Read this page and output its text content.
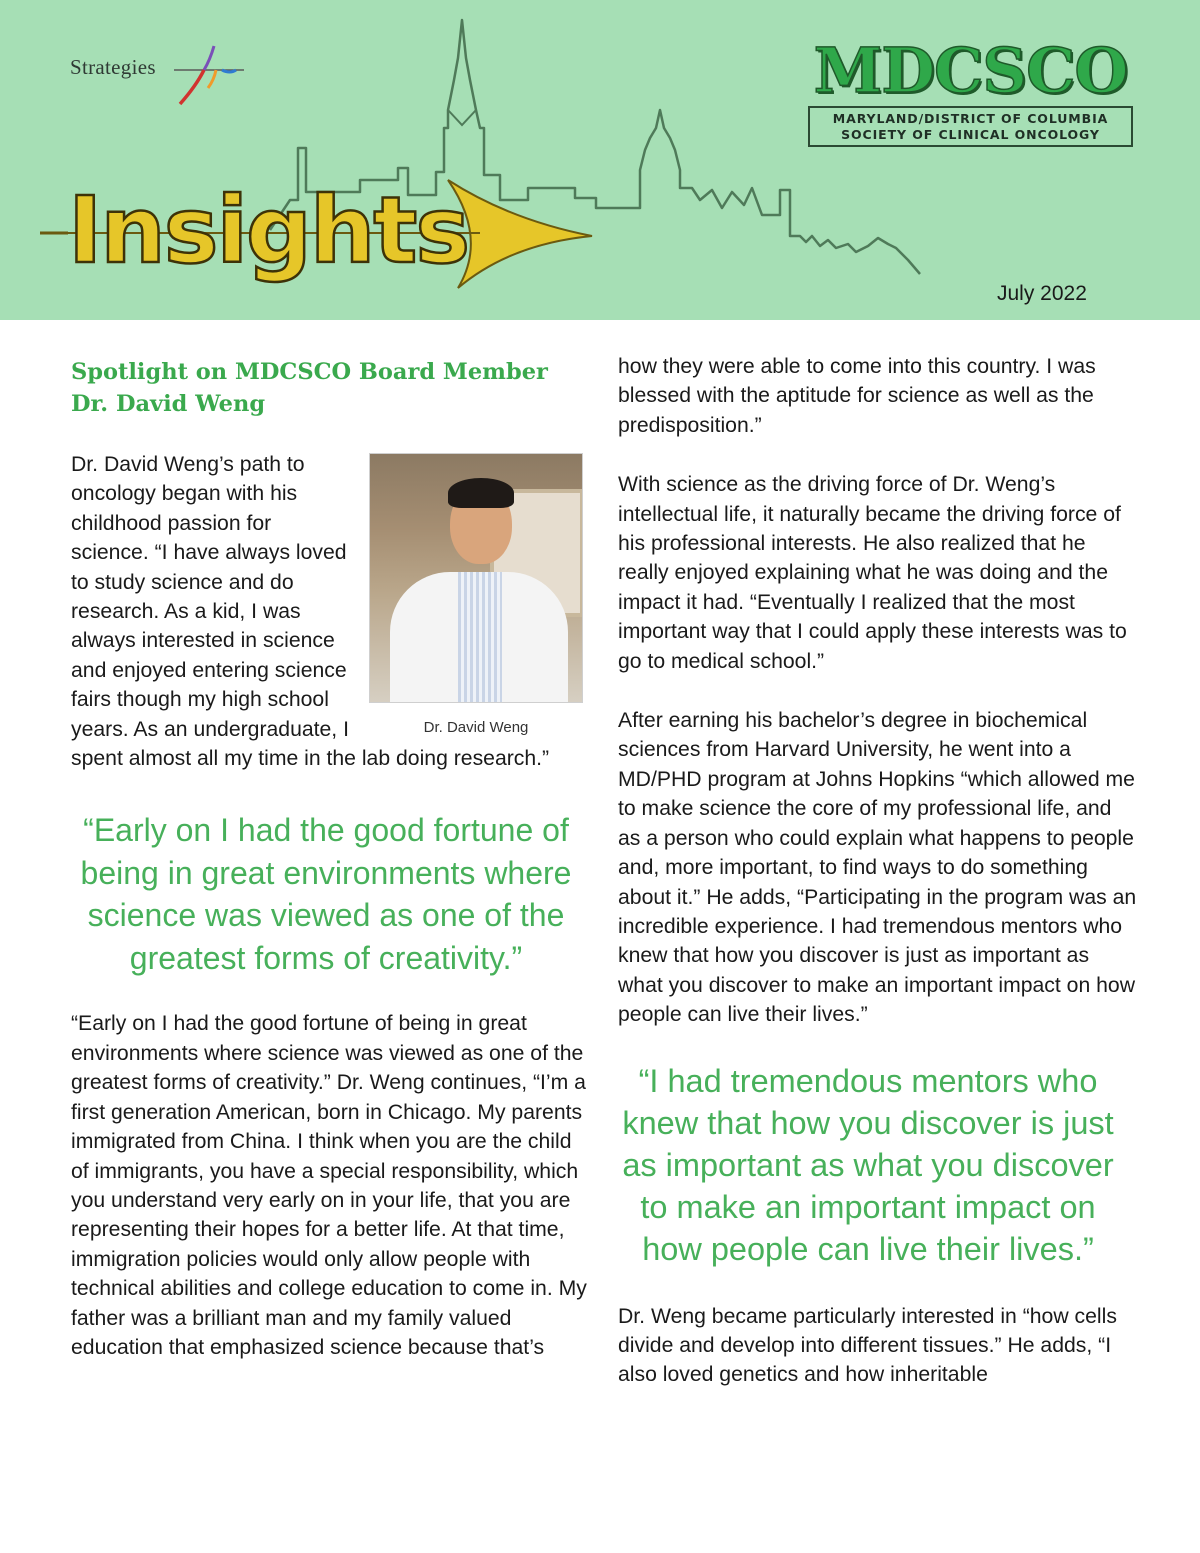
Strategies
Insights
MDCSCO
MARYLAND/DISTRICT OF COLUMBIA
SOCIETY OF CLINICAL ONCOLOGY
July 2022
Spotlight on MDCSCO Board Member Dr. David Weng
Dr. David Weng

Dr. David Weng’s path to oncology began with his childhood passion for science. “I have always loved to study science and do research. As a kid, I was always interested in science and enjoyed entering science fairs though my high school years. As an undergraduate, I spent almost all my time in the lab doing research.”

“Early on I had the good fortune of being in great environments where science was viewed as one of the greatest forms of creativity.”

“Early on I had the good fortune of being in great environments where science was viewed as one of the greatest forms of creativity.” Dr. Weng continues, “I’m a first generation American, born in Chicago. My parents immigrated from China. I think when you are the child of immigrants, you have a special responsibility, which you understand very early on in your life, that you are representing their hopes for a better life. At that time, immigration policies would only allow people with technical abilities and college education to come in. My father was a brilliant man and my family valued education that emphasized science because that’s

how they were able to come into this country. I was blessed with the aptitude for science as well as the predisposition.”

With science as the driving force of Dr. Weng’s intellectual life, it naturally became the driving force of his professional interests. He also realized that he really enjoyed explaining what he was doing and the impact it had. “Eventually I realized that the most important way that I could apply these interests was to go to medical school.”

After earning his bachelor’s degree in biochemical sciences from Harvard University, he went into a MD/PHD program at Johns Hopkins “which allowed me to make science the core of my professional life, and as a person who could explain what happens to people and, more important, to find ways to do something about it.” He adds, “Participating in the program was an incredible experience. I had tremendous mentors who knew that how you discover is just as important as what you discover to make an important impact on how people can live their lives.”

“I had tremendous mentors who knew that how you discover is just as important as what you discover to make an important impact on how people can live their lives.”

Dr. Weng became particularly interested in “how cells divide and develop into different tissues.” He adds, “I also loved genetics and how inheritable
